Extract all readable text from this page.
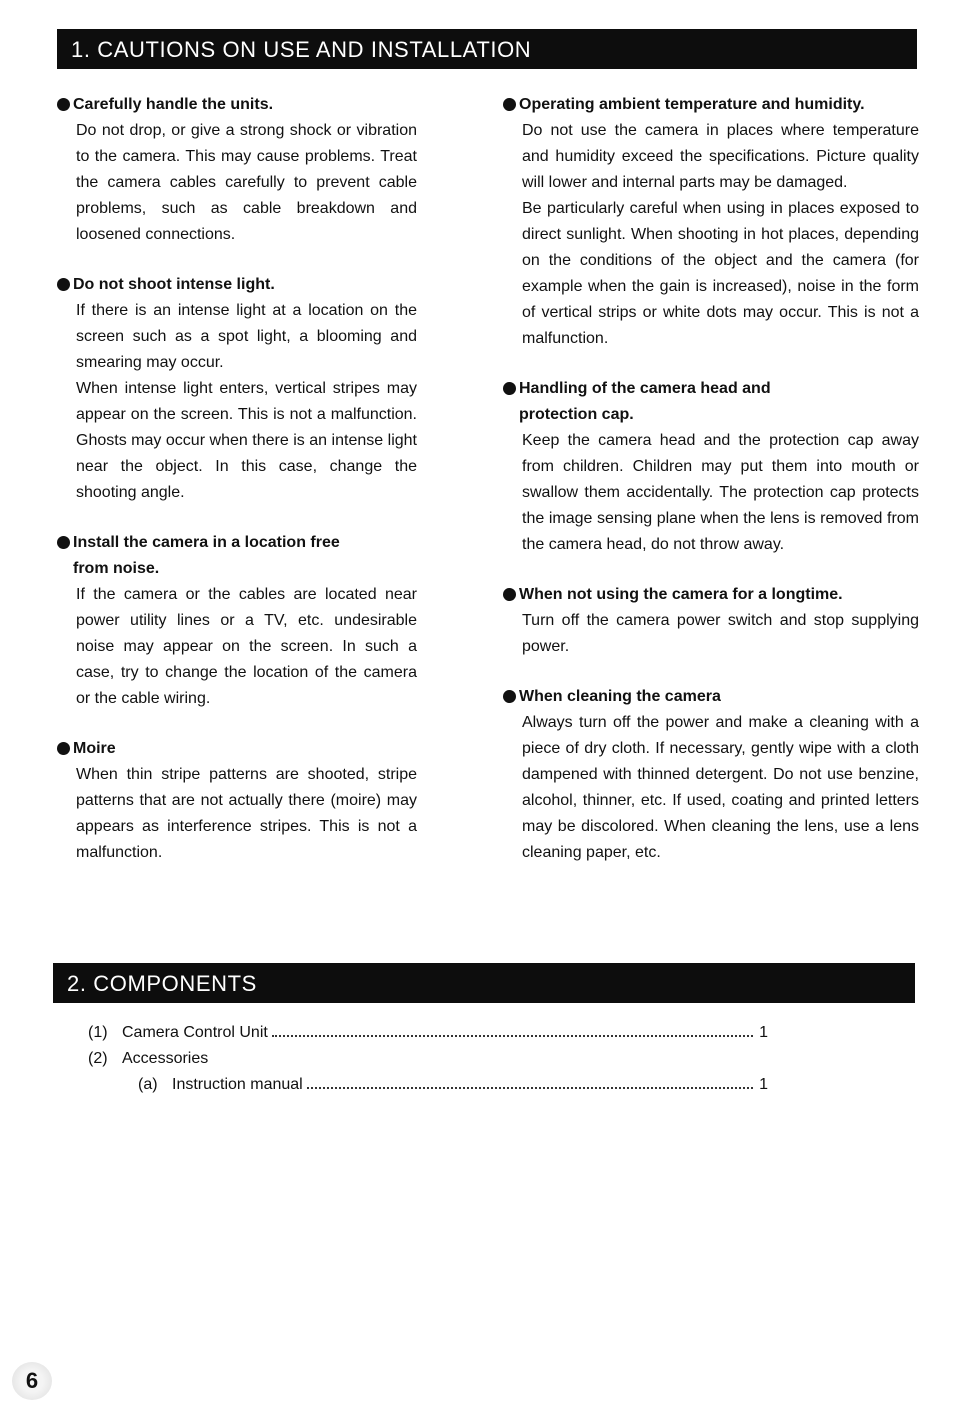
1. CAUTIONS ON USE AND INSTALLATION
Carefully handle the units.
Do not drop, or give a strong shock or vibration to the camera. This may cause problems. Treat the camera cables carefully to prevent cable problems, such as cable breakdown and loosened connections.
Do not shoot intense light.
If there is an intense light at a location on the screen such as a spot light, a blooming and smearing may occur.
When intense light enters, vertical stripes may appear on the screen. This is not a malfunction. Ghosts may occur when there is an intense light near the object. In this case, change the shooting angle.
Install the camera in a location free
from noise.
If the camera or the cables are located near power utility lines or a TV, etc. undesirable noise may appear on the screen. In such a case, try to change the location of the camera or the cable wiring.
Moire
When thin stripe patterns are shooted, stripe patterns that are not actually there (moire) may appears as interference stripes. This is not a malfunction.
Operating ambient temperature and humidity.
Do not use the camera in places where temperature and humidity exceed the specifications. Picture quality will lower and internal parts may be damaged.
Be particularly careful when using in places exposed to direct sunlight. When shooting in hot places, depending on the conditions of the object and the camera (for example when the gain is increased), noise in the form of vertical strips or white dots may occur. This is not a malfunction.
Handling of the camera head and
protection cap.
Keep the camera head and the protection cap away from children. Children may put them into mouth or swallow them accidentally. The protection cap protects the image sensing plane when the lens is removed from the camera head, do not throw away.
When not using the camera for a longtime.
Turn off the camera power switch and stop supplying power.
When cleaning the camera
Always turn off the power and make a cleaning with a piece of dry cloth. If necessary, gently wipe with a cloth dampened with thinned detergent. Do not use benzine, alcohol, thinner, etc. If used, coating and printed letters may be discolored. When cleaning the lens, use a lens cleaning paper, etc.
2. COMPONENTS
(1) Camera Control Unit	1
(2) Accessories
(a) Instruction manual	1
6
